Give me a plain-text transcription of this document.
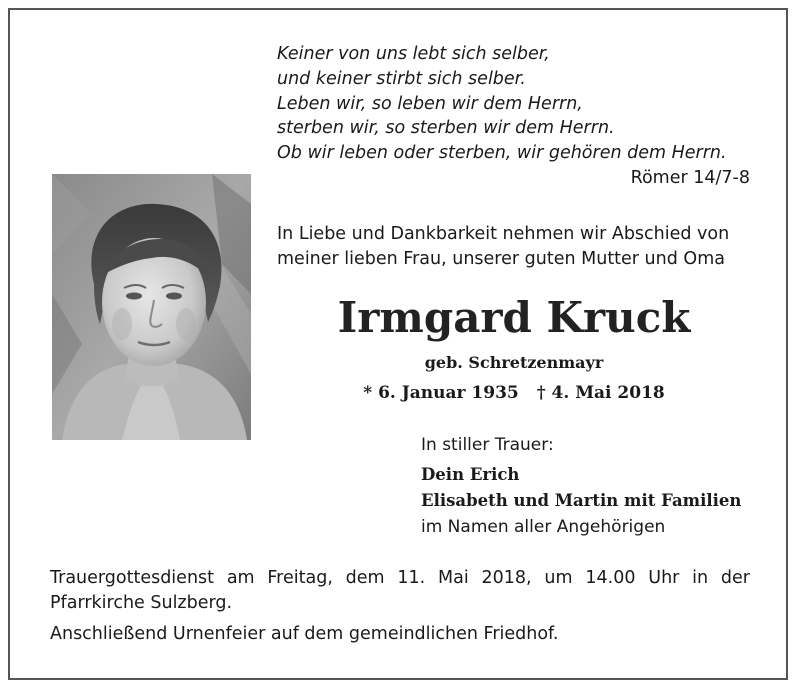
Keiner von uns lebt sich selber,
und keiner stirbt sich selber.
Leben wir, so leben wir dem Herrn,
sterben wir, so sterben wir dem Herrn.
Ob wir leben oder sterben, wir gehören dem Herrn.
Römer 14/7-8
In Liebe und Dankbarkeit nehmen wir Abschied von
meiner lieben Frau, unserer guten Mutter und Oma
Irmgard Kruck
geb. Schretzenmayr
* 6. Januar 1935 † 4. Mai 2018
In stiller Trauer:
Dein Erich
Elisabeth und Martin mit Familien
im Namen aller Angehörigen
Trauergottesdienst am Freitag, dem 11. Mai 2018, um 14.00 Uhr in der
Pfarrkirche Sulzberg.
Anschließend Urnenfeier auf dem gemeindlichen Friedhof.
